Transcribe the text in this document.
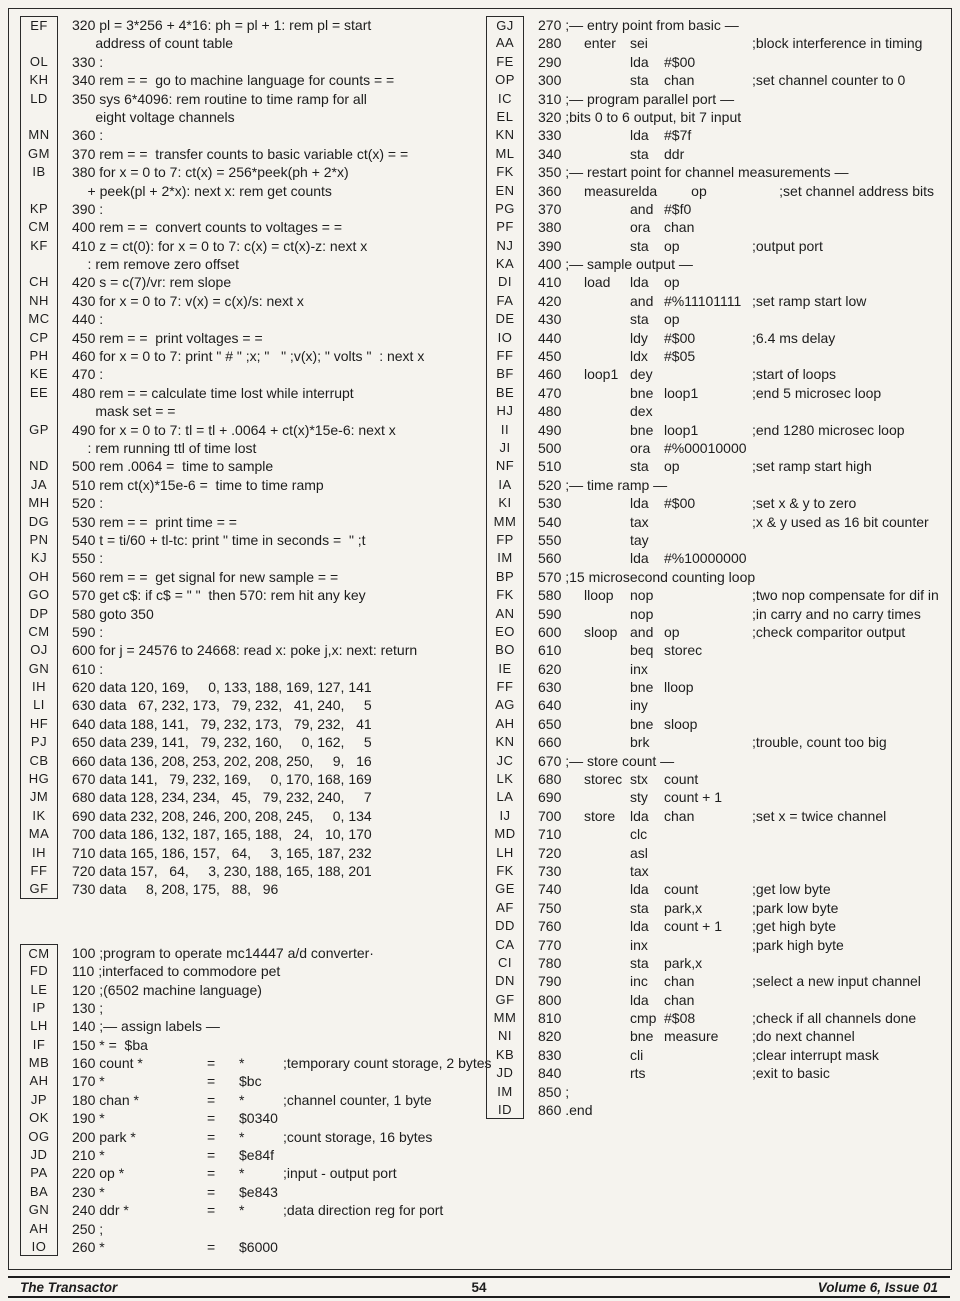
EF	320 pl = 3*256 + 4*16: ph = pl + 1: rem pl = start
address of count table
OL	330 :
KH	340 rem = =  go to machine language for counts = =
LD	350 sys 6*4096: rem routine to time ramp for all
eight voltage channels
MN	360 :
GM	370 rem = =  transfer counts to basic variable ct(x) = =
IB	380 for x = 0 to 7: ct(x) = 256*peek(ph + 2*x)
+ peek(pl + 2*x): next x: rem get counts
KP	390 :
CM	400 rem = =  convert counts to voltages = =
KF	410 z = ct(0): for x = 0 to 7: c(x) = ct(x)-z: next x
: rem remove zero offset
CH	420 s = c(7)/vr: rem slope
NH	430 for x = 0 to 7: v(x) = c(x)/s: next x
MC	440 :
CP	450 rem = =  print voltages = =
PH	460 for x = 0 to 7: print " # " ;x; "   " ;v(x); " volts "  : next x
KE	470 :
EE	480 rem = = calculate time lost while interrupt
mask set = =
GP	490 for x = 0 to 7: tl = tl + .0064 + ct(x)*15e-6: next x
: rem running ttl of time lost
ND	500 rem .0064 =  time to sample
JA	510 rem ct(x)*15e-6 =  time to time ramp
MH	520 :
DG	530 rem = =  print time = =
PN	540 t = ti/60 + tl-tc: print " time in seconds =  " ;t
KJ	550 :
OH	560 rem = =  get signal for new sample = =
GO	570 get c$: if c$ = " "  then 570: rem hit any key
DP	580 goto 350
CM	590 :
OJ	600 for j = 24576 to 24668: read x: poke j,x: next: return
GN	610 :
IH	620 data 120, 169,     0, 133, 188, 169, 127, 141
LI	630 data   67, 232, 173,   79, 232,   41, 240,     5
HF	640 data 188, 141,   79, 232, 173,   79, 232,   41
PJ	650 data 239, 141,   79, 232, 160,     0, 162,     5
CB	660 data 136, 208, 253, 202, 208, 250,     9,   16
HG	670 data 141,   79, 232, 169,     0, 170, 168, 169
JM	680 data 128, 234, 234,   45,   79, 232, 240,     7
IK	690 data 232, 208, 246, 200, 208, 245,     0, 134
MA	700 data 186, 132, 187, 165, 188,   24,   10, 170
IH	710 data 165, 186, 157,   64,     3, 165, 187, 232
FF	720 data 157,   64,     3, 230, 188, 165, 188, 201
GF	730 data     8, 208, 175,   88,   96
CM	100 ;program to operate mc14447 a/d converter·
FD	110 ;interfaced to commodore pet
LE	120 ;(6502 machine language)
IP	130 ;
LH	140 ;— assign labels —
IF	150 * =  $ba
MB	160 count *	= *	;temporary count storage, 2 bytes
AH	170 *	= $bc
JP	180 chan *	= *	;channel counter, 1 byte
OK	190 *	= $0340
OG	200 park *	= *	;count storage, 16 bytes
JD	210 *	= $e84f
PA	220 op *	= *	;input - output port
BA	230 *	= $e843
GN	240 ddr *	= *	;data direction reg for port
AH	250 ;
IO	260 *	= $6000
GJ	270 ;— entry point from basic —
AA	280 enter sei	;block interference in timing
FE	290	lda #$00
OP	300	sta chan	;set channel counter to 0
IC	310 ;— program parallel port —
EL	320 ;bits 0 to 6 output, bit 7 input
KN	330	lda #$7f
ML	340	sta ddr
FK	350 ;— restart point for channel measurements —
EN	360 measurelda op	;set channel address bits
PG	370	and #$f0
PF	380	ora chan
NJ	390	sta op	;output port
KA	400 ;— sample output —
DI	410 load lda op
FA	420	and #%11101111 ;set ramp start low
DE	430	sta op
IO	440	ldy #$00	;6.4 ms delay
FF	450	ldx #$05
BF	460 loop1 dey	;start of loops
BE	470	bne loop1	;end 5 microsec loop
HJ	480	dex
II	490	bne loop1	;end 1280 microsec loop
JI	500	ora #%00010000
NF	510	sta op	;set ramp start high
IA	520 ;— time ramp —
KI	530	lda #$00	;set x & y to zero
MM	540	tax	;x & y used as 16 bit counter
FP	550	tay
IM	560	lda #%10000000
BP	570 ;15 microsecond counting loop
FK	580 lloop nop	;two nop compensate for dif in
AN	590	nop	;in carry and no carry times
EO	600 sloop and op	;check comparitor output
BO	610	beq storec
IE	620	inx
FF	630	bne lloop
AG	640	iny
AH	650	bne sloop
KN	660	brk	;trouble, count too big
JC	670 ;— store count —
LK	680 storec stx count
LA	690	sty count + 1
IJ	700 store lda chan	;set x = twice channel
MD	710	clc
LH	720	asl
FK	730	tax
GE	740	lda count	;get low byte
AF	750	sta park,x	;park low byte
DD	760	lda count + 1 ;get high byte
CA	770	inx	;park high byte
CI	780	sta park,x
DN	790	inc chan	;select a new input channel
GF	800	lda chan
MM	810	cmp #$08	;check if all channels done
NI	820	bne measure ;do next channel
KB	830	cli	;clear interrupt mask
JD	840	rts	;exit to basic
IM	850 ;
ID	860 .end
The Transactor	54	Volume 6, Issue 01
